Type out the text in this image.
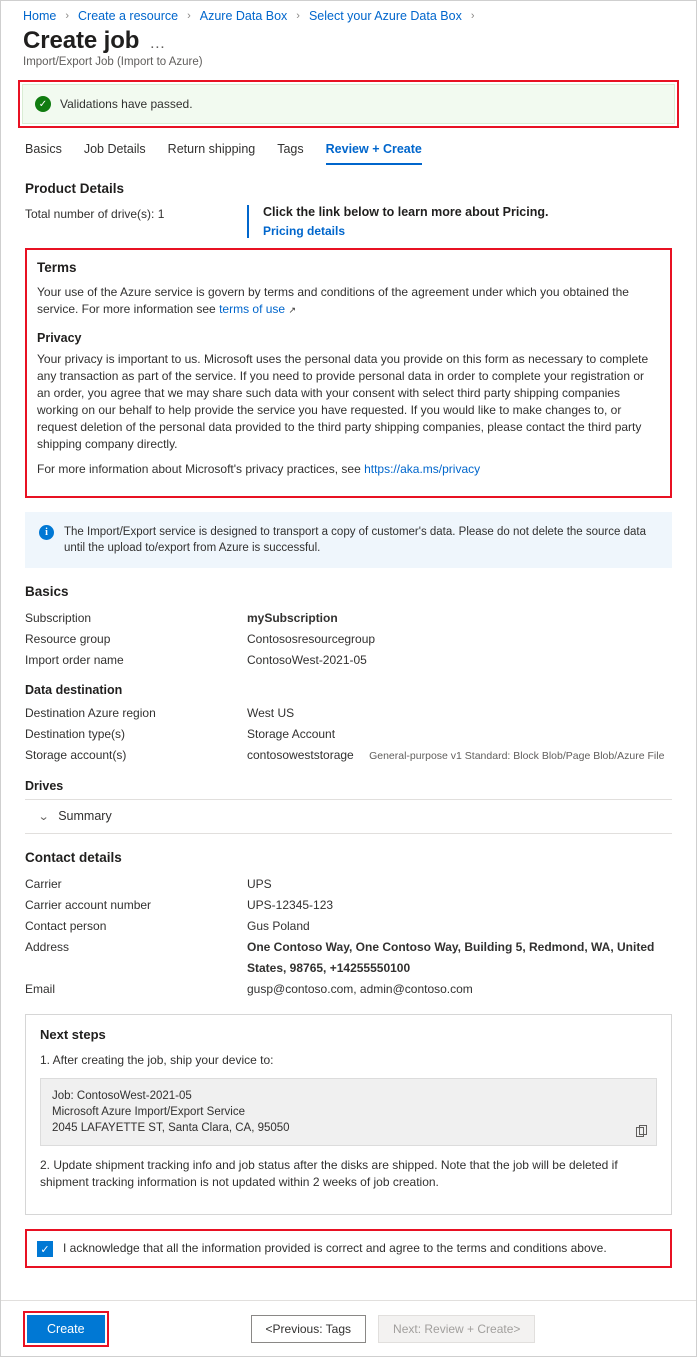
Home › Create a resource › Azure Data Box › Select your Azure Data Box ›
Create job …
Import/Export Job (Import to Azure)
✓	Validations have passed.
Basics Job Details Return shipping Tags Review + Create
Product Details
Total number of drive(s): 1	Click the link below to learn more about Pricing.
Pricing details
Terms

Your use of the Azure service is govern by terms and conditions of the agreement under which you obtained the service. For more information see terms of use ↗

Privacy

Your privacy is important to us. Microsoft uses the personal data you provide on this form as necessary to complete any transaction as part of the service. If you need to provide personal data in order to complete your registration or an order, you agree that we may share such data with your consent with select third party shipping companies working on our behalf to help provide the service you have requested. If you would like to make changes to, or request deletion of the personal data provided to the third party shipping companies, please contact the third party shipping company directly.

For more information about Microsoft's privacy practices, see https://aka.ms/privacy

i	The Import/Export service is designed to transport a copy of customer's data. Please do not delete the source data until the upload to/export from Azure is successful.
Basics
Subscription	mySubscription
Resource group	Contososresourcegroup
Import order name	ContosoWest-2021-05
Data destination
Destination Azure region	West US
Destination type(s)	Storage Account
Storage account(s)	contosoweststorage General-purpose v1 Standard: Block Blob/Page Blob/Azure File
Drives
⌄ Summary
Contact details
Carrier	UPS
Carrier account number	UPS-12345-123
Contact person	Gus Poland
Address	One Contoso Way, One Contoso Way, Building 5, Redmond, WA, United States, 98765, +14255550100
Email	gusp@contoso.com, admin@contoso.com
Next steps
1. After creating the job, ship your device to:
Job: ContosoWest-2021-05
Microsoft Azure Import/Export Service
2045 LAFAYETTE ST, Santa Clara, CA, 95050
2. Update shipment tracking info and job status after the disks are shipped. Note that the job will be deleted if shipment tracking information is not updated within 2 weeks of job creation.
✓ I acknowledge that all the information provided is correct and agree to the terms and conditions above.
Create	<Previous: Tags	Next: Review + Create>
